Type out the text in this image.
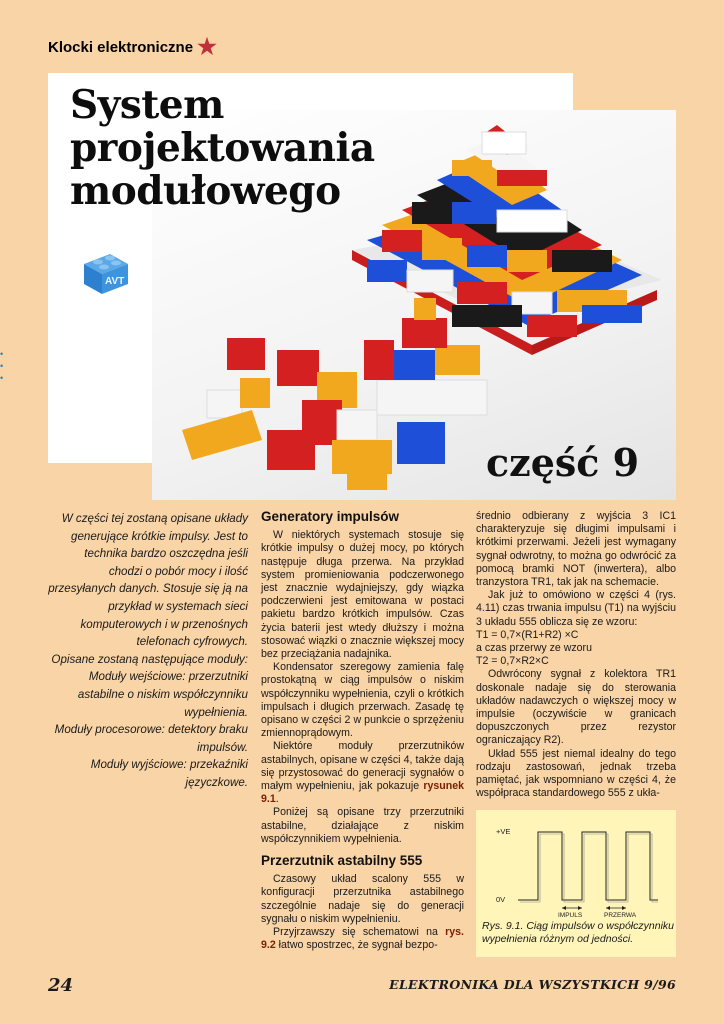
Klocki elektroniczne ★
System
projektowania
modułowego
AVT
część 9
•
•
•

W części tej zostaną opisane układy generujące krótkie impulsy. Jest to technika bardzo oszczędna jeśli chodzi o pobór mocy i ilość przesyłanych danych. Stosuje się ją na przykład w systemach sieci komputerowych i w przenośnych telefonach cyfrowych.

Opisane zostaną następujące moduły:

Moduły wejściowe: przerzutniki astabilne o niskim współczynniku wypełnienia.

Moduły procesorowe: detektory braku impulsów.

Moduły wyjściowe: przekaźniki języczkowe.

Generatory impulsów

W niektórych systemach stosuje się krótkie impulsy o dużej mocy, po których następuje długa przerwa. Na przykład system promieniowania podczerwonego jest znacznie wydajniejszy, gdy wiązka podczerwieni jest emitowana w postaci pakietu bardzo krótkich impulsów. Czas życia baterii jest wtedy dłuższy i można stosować wiązki o znacznie większej mocy bez przeciążania nadajnika.

Kondensator szeregowy zamienia falę prostokątną w ciąg impulsów o niskim współczynniku wypełnienia, czyli o krótkich impulsach i długich przerwach. Zasadę tę opisano w części 2 w punkcie o sprzężeniu zmiennoprądowym.

Niektóre moduły przerzutników astabilnych, opisane w części 4, także dają się przystosować do generacji sygnałów o małym wypełnieniu, jak pokazuje rysunek 9.1.

Poniżej są opisane trzy przerzutniki astabilne, działające z niskim współczynnikiem wypełnienia.

Przerzutnik astabilny 555

Czasowy układ scalony 555 w konfiguracji przerzutnika astabilnego szczególnie nadaje się do generacji sygnału o niskim wypełnieniu.

Przyjrzawszy się schematowi na rys. 9.2 łatwo spostrzec, że sygnał bezpo-

średnio odbierany z wyjścia 3 IC1 charakteryzuje się długimi impulsami i krótkimi przerwami. Jeżeli jest wymagany sygnał odwrotny, to można go odwrócić za pomocą bramki NOT (inwertera), albo tranzystora TR1, tak jak na schemacie.

Jak już to omówiono w części 4 (rys. 4.11) czas trwania impulsu (T1) na wyjściu 3 układu 555 oblicza się ze wzoru:

T1 = 0,7×(R1+R2) ×C

a czas przerwy ze wzoru

T2 = 0,7×R2×C

Odwrócony sygnał z kolektora TR1 doskonale nadaje się do sterowania układów nadawczych o większej mocy w impulsie (oczywiście w granicach dopuszczonych przez rezystor ograniczający R2).

Układ 555 jest niemal idealny do tego rodzaju zastosowań, jednak trzeba pamiętać, jak wspomniano w części 4, że współpraca standardowego 555 z ukła-

+VE
0V
IMPULS	PRZERWA
Rys. 9.1. Ciąg impulsów o współczynniku wypełnienia różnym od jedności.
24	ELEKTRONIKA DLA WSZYSTKICH 9/96
